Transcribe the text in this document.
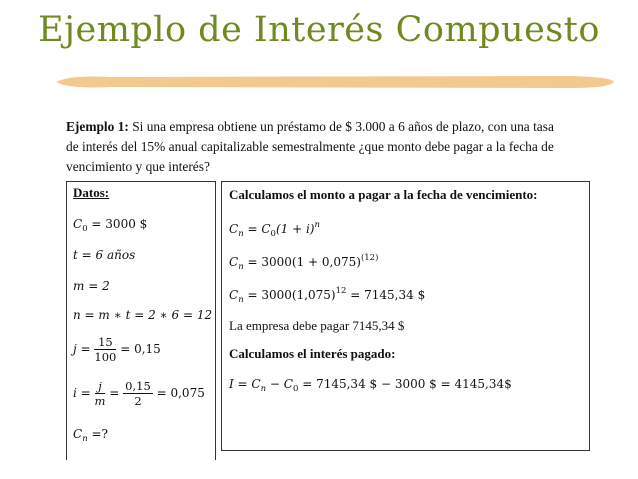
Ejemplo de Interés Compuesto
Ejemplo 1: Si una empresa obtiene un préstamo de $ 3.000 a 6 años de plazo, con una tasa
de interés del 15% anual capitalizable semestralmente ¿que monto debe pagar a la fecha de
vencimiento y que interés?
Datos:
$C_0 = 3000$ $
t = 6 años
m = 2
n = m ∗ t = 2 ∗ 6 = 12
$j = \frac{15}{100} = 0,15$
$i = \frac{j}{m} = \frac{0,15}{2} = 0,075$
$C_n$ =?
Calculamos el monto a pagar a la fecha de vencimiento:
$C_n = C_0(1 + i)^n$
$C_n = 3000(1 + 0,075)^{(12)}$
$C_n = 3000(1,075)^{12} = 7145,34$ $
La empresa debe pagar 7145,34 $
Calculamos el interés pagado:
$I = C_n - C_0 = 7145,34$ $ − 3000 $ = 4145,34$
